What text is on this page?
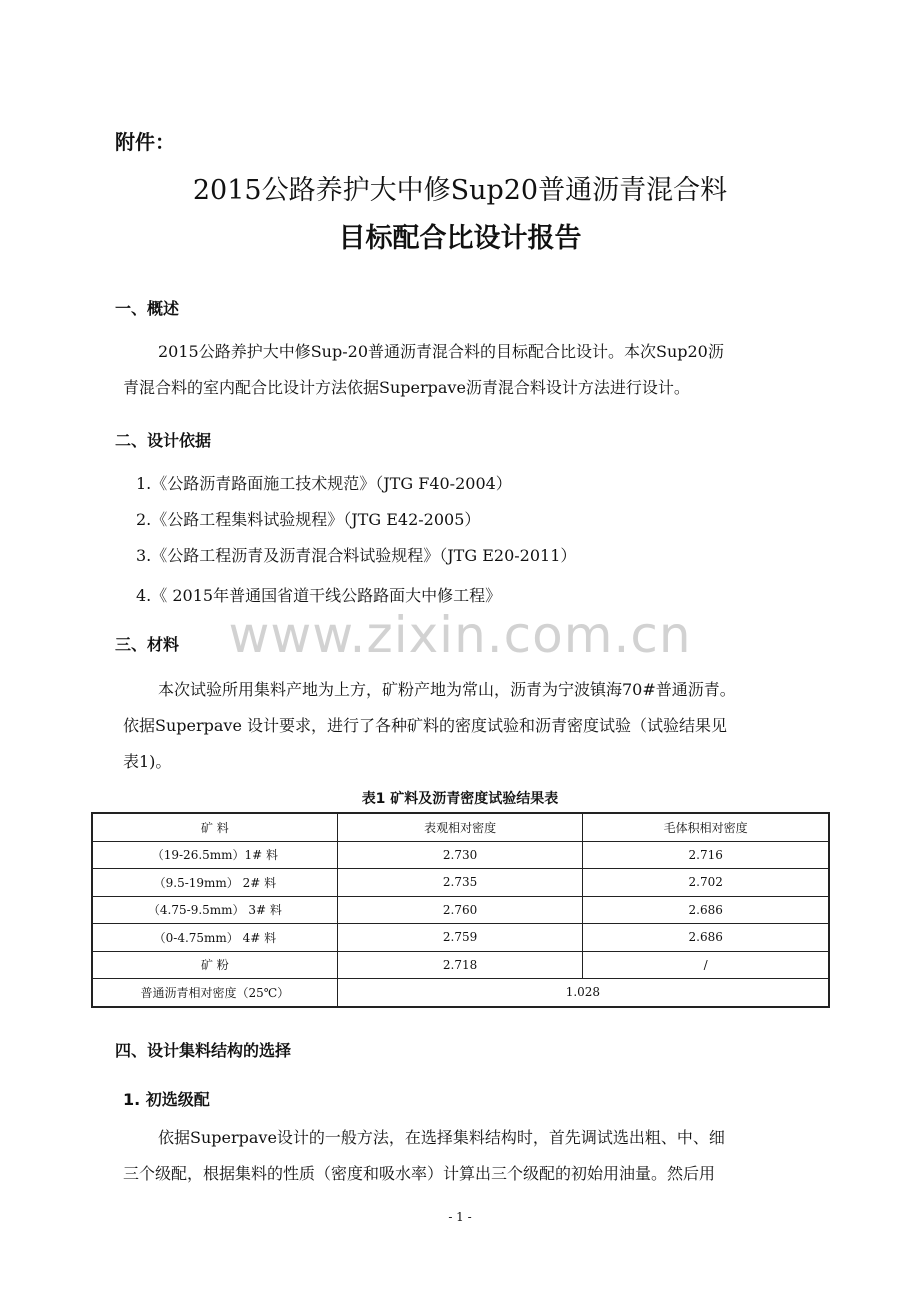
附件：
2015公路养护大中修Sup20普通沥青混合料
目标配合比设计报告
一、概述
2015公路养护大中修Sup-20普通沥青混合料的目标配合比设计。本次Sup20沥
青混合料的室内配合比设计方法依据Superpave沥青混合料设计方法进行设计。
二、设计依据
1.《公路沥青路面施工技术规范》（JTG F40-2004）
2.《公路工程集料试验规程》（JTG E42-2005）
3.《公路工程沥青及沥青混合料试验规程》（JTG E20-2011）
4.《 2015年普通国省道干线公路路面大中修工程》
www.zixin.com.cn
三、材料
本次试验所用集料产地为上方，矿粉产地为常山，沥青为宁波镇海70#普通沥青。
依据Superpave 设计要求，进行了各种矿料的密度试验和沥青密度试验（试验结果见
表1)。
表1 矿料及沥青密度试验结果表
矿 料	表观相对密度	毛体积相对密度
（19-26.5mm）1# 料	2.730	2.716
（9.5-19mm） 2# 料	2.735	2.702
（4.75-9.5mm） 3# 料	2.760	2.686
（0-4.75mm） 4# 料	2.759	2.686
矿 粉	2.718	/
普通沥青相对密度（25℃）	1.028	
四、设计集料结构的选择
1. 初选级配
依据Superpave设计的一般方法，在选择集料结构时，首先调试选出粗、中、细
三个级配，根据集料的性质（密度和吸水率）计算出三个级配的初始用油量。然后用
- 1 -
